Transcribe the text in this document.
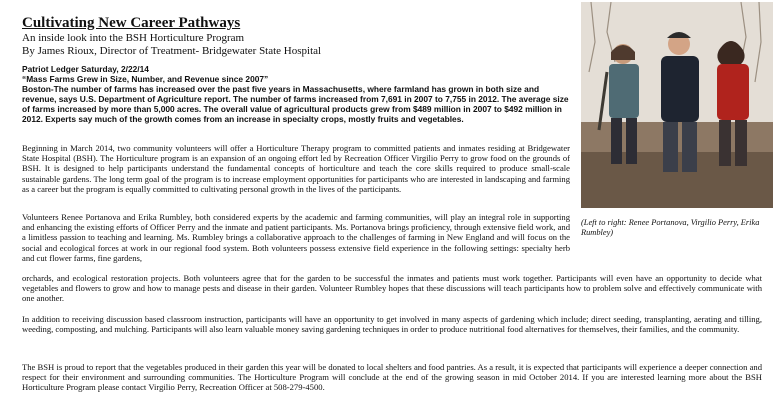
Cultivating New Career Pathways
An inside look into the BSH Horticulture Program
By James Rioux, Director of Treatment- Bridgewater State Hospital

Patriot Ledger Saturday, 2/22/14

“Mass Farms Grew in Size, Number, and Revenue since 2007”

Boston-The number of farms has increased over the past five years in Massachusetts, where farmland has grown in both size and revenue, says U.S. Department of Agriculture report. The number of farms increased from 7,691 in 2007 to 7,755 in 2012. The average size of farms increased by more than 5,000 acres. The overall value of agricultural products grew from $489 million in 2007 to $492 million in 2012. Experts say much of the growth comes from an increase in specialty crops, mostly fruits and vegetables.

Beginning in March 2014, two community volunteers will offer a Horticulture Therapy program to committed patients and inmates residing at Bridgewater State Hospital (BSH). The Horticulture program is an expansion of an ongoing effort led by Recreation Officer Virgilio Perry to grow food on the grounds of BSH. It is designed to help participants understand the fundamental concepts of horticulture and teach the core skills required to produce small-scale sustainable gardens. The long term goal of the program is to increase employment opportunities for participants who are interested in landscaping and farming as a career but the program is equally committed to cultivating personal growth in the lives of the participants.

Volunteers Renee Portanova and Erika Rumbley, both considered experts by the academic and farming communities, will play an integral role in supporting and enhancing the existing efforts of Officer Perry and the inmate and patient participants. Ms. Portanova brings proficiency, through extensive field work, and a limitless passion to teaching and learning. Ms. Rumbley brings a collaborative approach to the challenges of farming in New England and will focus on the social and ecological forces at work in our regional food system. Both volunteers possess extensive field experience in the following settings: specialty herb and cut flower farms, fine gardens,

orchards, and ecological restoration projects. Both volunteers agree that for the garden to be successful the inmates and patients must work together. Participants will even have an opportunity to decide what vegetables and flowers to grow and how to manage pests and disease in their garden. Volunteer Rumbley hopes that these discussions will teach participants how to problem solve and effectively communicate with one another.

In addition to receiving discussion based classroom instruction, participants will have an opportunity to get involved in many aspects of gardening which include; direct seeding, transplanting, aerating and tilling, weeding, composting, and mulching. Participants will also learn valuable money saving gardening techniques in order to produce nutritional food alternatives for themselves, their families, and the community.

The BSH is proud to report that the vegetables produced in their garden this year will be donated to local shelters and food pantries. As a result, it is expected that participants will experience a deeper connection and respect for their environment and surrounding communities. The Horticulture Program will conclude at the end of the growing season in mid October 2014. If you are interested learning more about the BSH Horticulture Program please contact Virgilio Perry, Recreation Officer at 508-279-4500.

(Left to right: Renee Portanova, Virgilio Perry, Erika Rumbley)
